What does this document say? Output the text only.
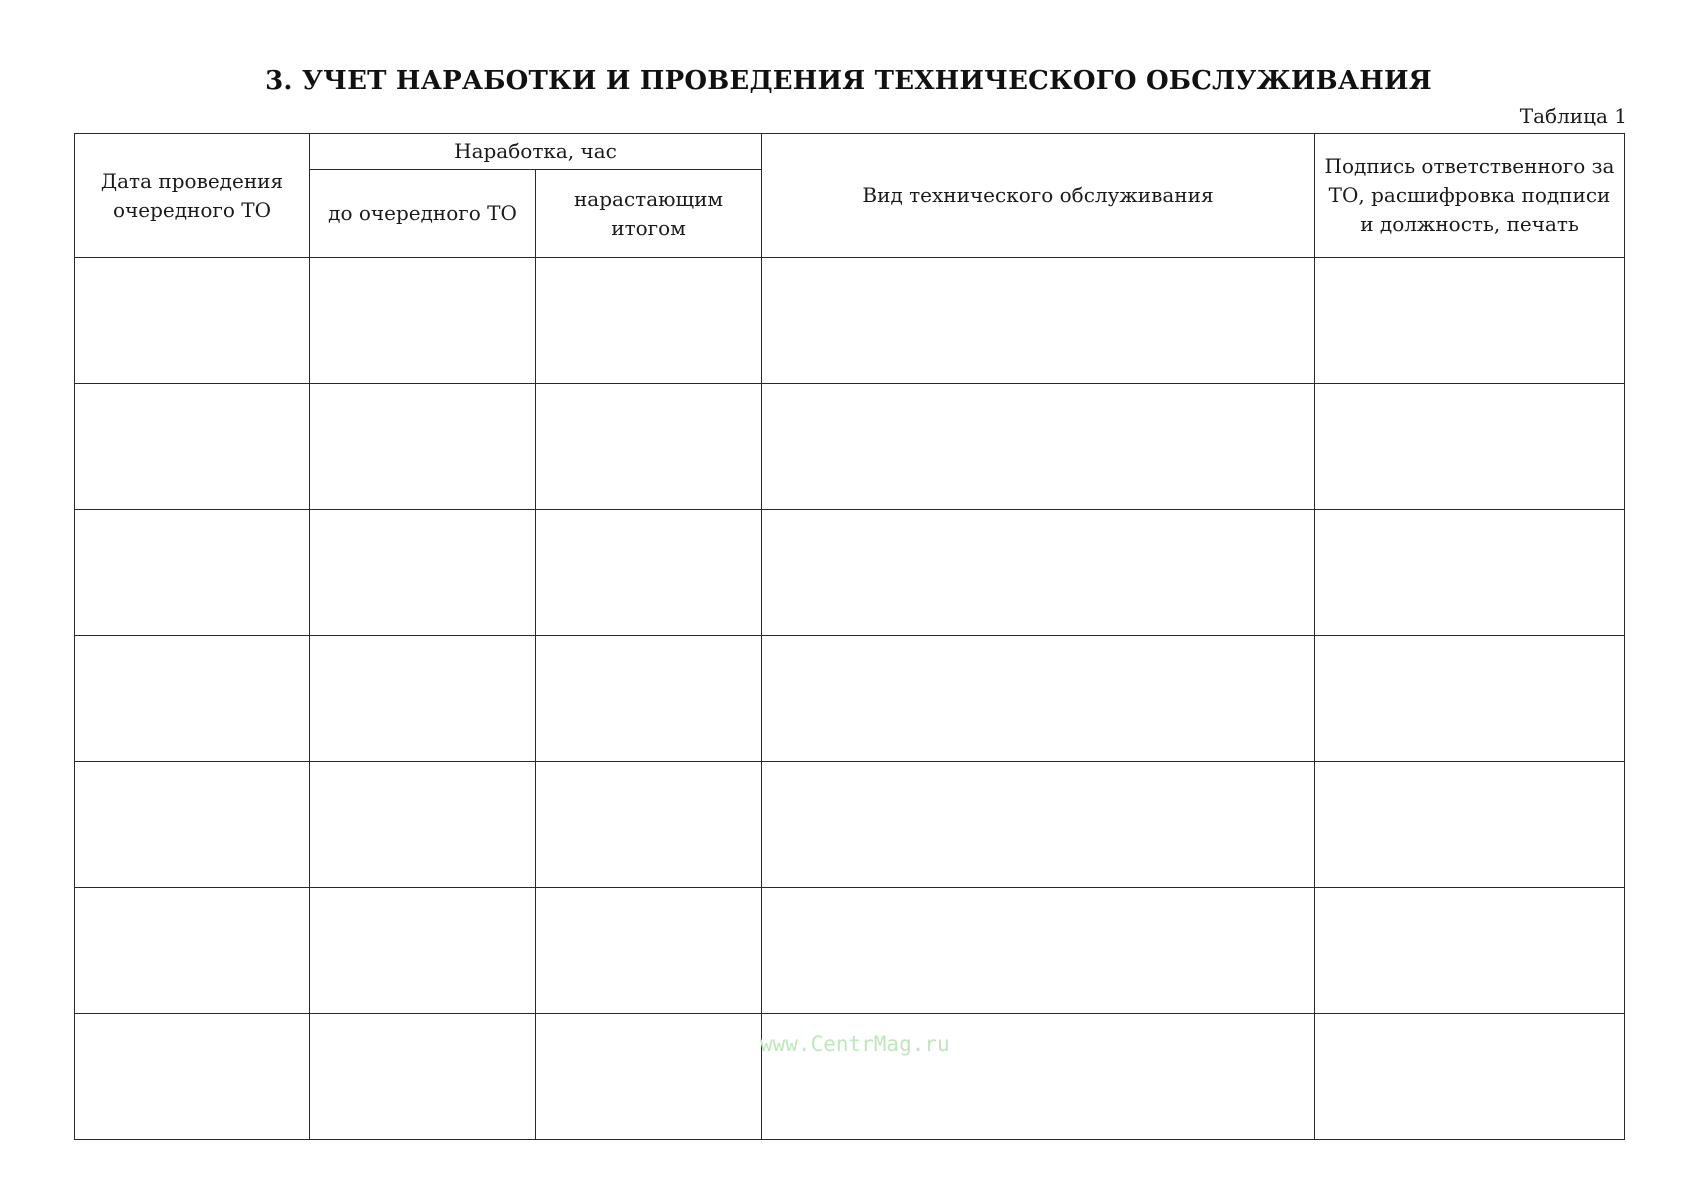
3. УЧЕТ НАРАБОТКИ И ПРОВЕДЕНИЯ ТЕХНИЧЕСКОГО ОБСЛУЖИВАНИЯ
Таблица 1
Дата проведения очередного ТО	Наработка, час		Вид технического обслуживания	Подпись ответственного за ТО, расшифровка подписи и должность, печать
	до очередного ТО	нарастающим итогом		

www.CentrMag.ru
